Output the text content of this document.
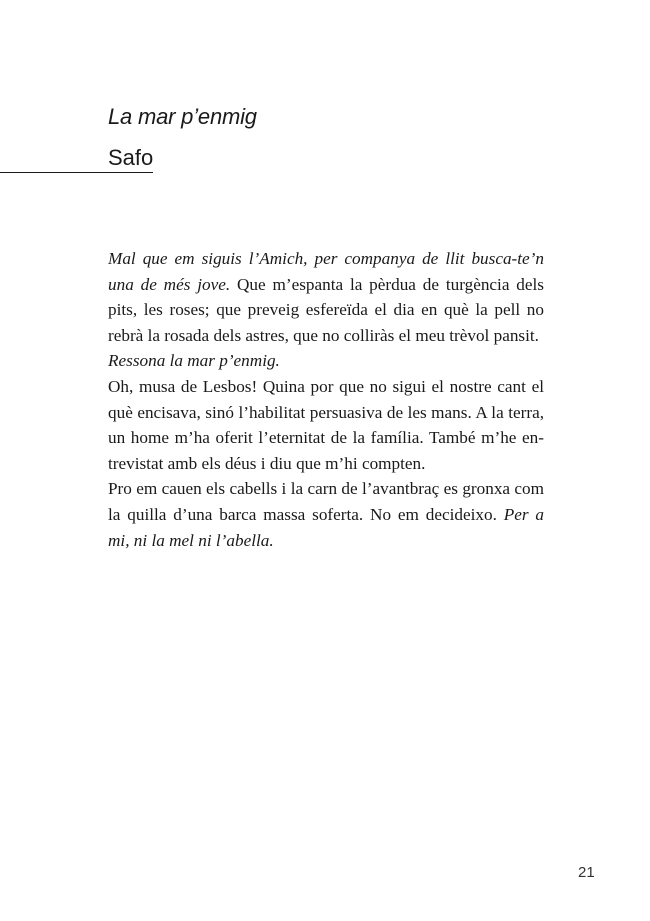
La mar p’enmig
Safo

Mal que em siguis l’Amich, per companya de llit busca-te’n una de més jove. Que m’espanta la pèrdua de turgència dels pits, les roses; que preveig esfereïda el dia en què la pell no rebrà la rosada dels astres, que no colliràs el meu trèvol pansit.

Ressona la mar p’enmig.

Oh, musa de Lesbos! Quina por que no sigui el nostre cant el què encisava, sinó l’habilitat persuasiva de les mans. A la terra, un home m’ha oferit l’eternitat de la família. També m’he entrevistat amb els déus i diu que m’hi compten.

Pro em cauen els cabells i la carn de l’avantbraç es gronxa com la quilla d’una barca massa soferta. No em decideixo. Per a mi, ni la mel ni l’abella.

21
